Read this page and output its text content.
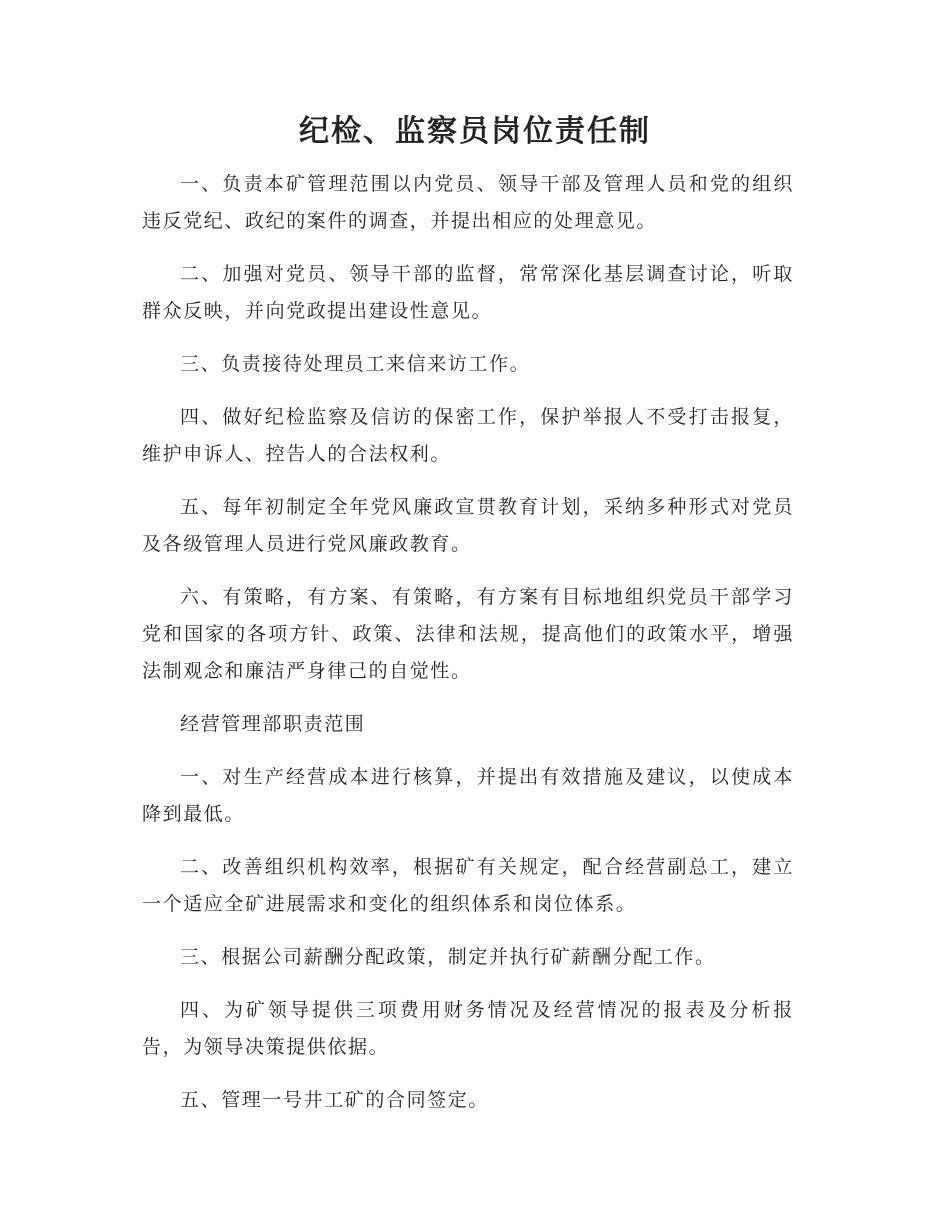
纪检、监察员岗位责任制

一、负责本矿管理范围以内党员、领导干部及管理人员和党的组织违反党纪、政纪的案件的调查，并提出相应的处理意见。

二、加强对党员、领导干部的监督，常常深化基层调查讨论，听取群众反映，并向党政提出建设性意见。

三、负责接待处理员工来信来访工作。

四、做好纪检监察及信访的保密工作，保护举报人不受打击报复，维护申诉人、控告人的合法权利。

五、每年初制定全年党风廉政宣贯教育计划，采纳多种形式对党员及各级管理人员进行党风廉政教育。

六、有策略，有方案、有策略，有方案有目标地组织党员干部学习党和国家的各项方针、政策、法律和法规，提高他们的政策水平，增强法制观念和廉洁严身律己的自觉性。

经营管理部职责范围

一、对生产经营成本进行核算，并提出有效措施及建议，以使成本降到最低。

二、改善组织机构效率，根据矿有关规定，配合经营副总工，建立一个适应全矿进展需求和变化的组织体系和岗位体系。

三、根据公司薪酬分配政策，制定并执行矿薪酬分配工作。

四、为矿领导提供三项费用财务情况及经营情况的报表及分析报告，为领导决策提供依据。

五、管理一号井工矿的合同签定。
